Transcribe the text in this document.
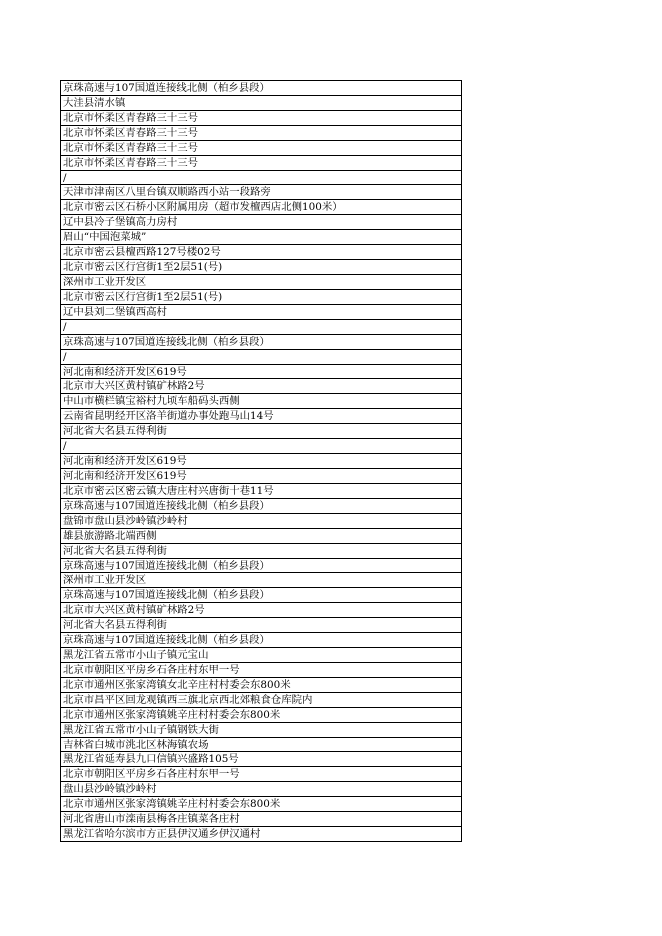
京珠高速与107国道连接线北侧（柏乡县段）
大洼县清水镇
北京市怀柔区青春路三十三号
北京市怀柔区青春路三十三号
北京市怀柔区青春路三十三号
北京市怀柔区青春路三十三号
/
天津市津南区八里台镇双顺路西小站一段路旁
北京市密云区石桥小区附属用房（超市发檀西店北侧100米）
辽中县冷子堡镇高力房村
眉山“中国泡菜城”
北京市密云县檀西路127号楼02号
北京市密云区行宫街1至2层51(号)
深州市工业开发区
北京市密云区行宫街1至2层51(号)
辽中县刘二堡镇西高村
/
京珠高速与107国道连接线北侧（柏乡县段）
/
河北南和经济开发区619号
北京市大兴区黄村镇矿林路2号
中山市横栏镇宝裕村九顷车船码头西侧
云南省昆明经开区洛羊街道办事处跑马山14号
河北省大名县五得利街
/
河北南和经济开发区619号
河北南和经济开发区619号
北京市密云区密云镇大唐庄村兴唐街十巷11号
京珠高速与107国道连接线北侧（柏乡县段）
盘锦市盘山县沙岭镇沙岭村
雄县旅游路北端西侧
河北省大名县五得利街
京珠高速与107国道连接线北侧（柏乡县段）
深州市工业开发区
京珠高速与107国道连接线北侧（柏乡县段）
北京市大兴区黄村镇矿林路2号
河北省大名县五得利街
京珠高速与107国道连接线北侧（柏乡县段）
黑龙江省五常市小山子镇元宝山
北京市朝阳区平房乡石各庄村东甲一号
北京市通州区张家湾镇女北辛庄村村委会东800米
北京市昌平区回龙观镇西三旗北京西北郊粮食仓库院内
北京市通州区张家湾镇姚辛庄村村委会东800米
黑龙江省五常市小山子镇钢铁大街
吉林省白城市洮北区林海镇农场
黑龙江省延寿县九口信镇兴盛路105号
北京市朝阳区平房乡石各庄村东甲一号
盘山县沙岭镇沙岭村
北京市通州区张家湾镇姚辛庄村村委会东800米
河北省唐山市滦南县梅各庄镇菜各庄村
黑龙江省哈尔滨市方正县伊汉通乡伊汉通村
